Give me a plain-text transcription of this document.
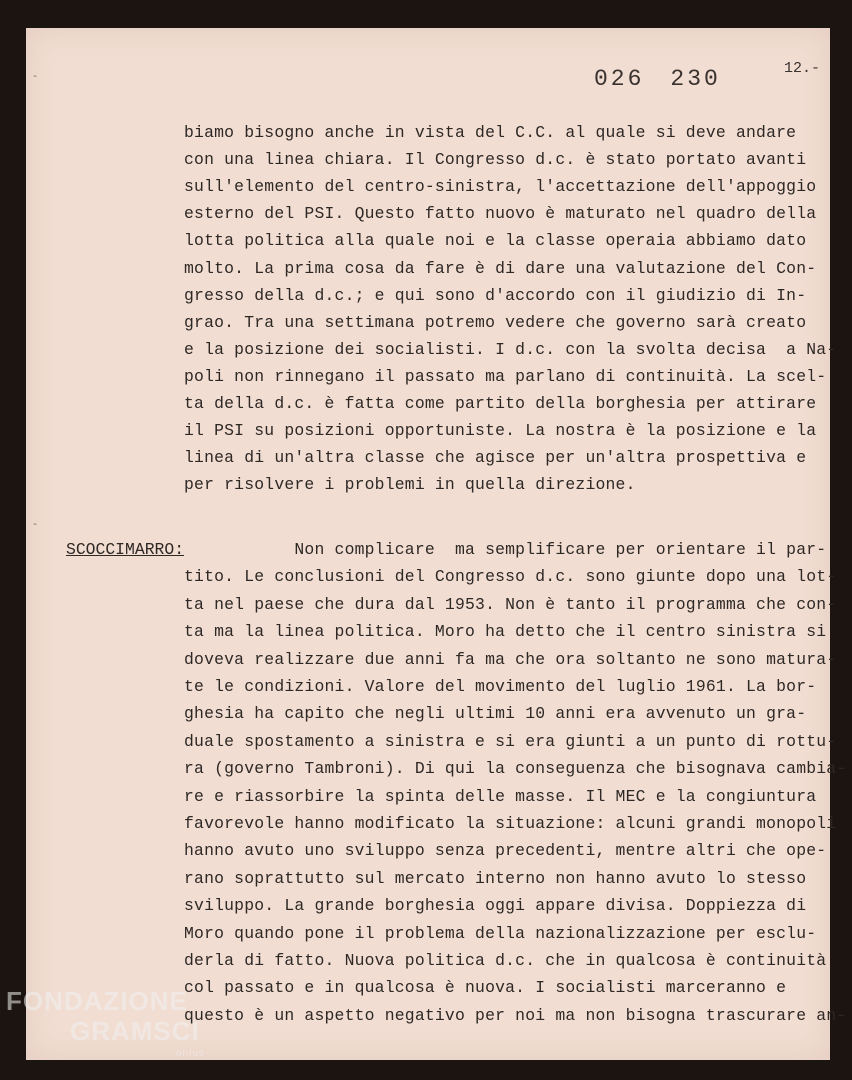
026 230	12.-
-
-
SCOCCIMARRO:
biamo bisogno anche in vista del C.C. al quale si deve andare
con una linea chiara. Il Congresso d.c. è stato portato avanti
sull'elemento del centro-sinistra, l'accettazione dell'appoggio
esterno del PSI. Questo fatto nuovo è maturato nel quadro della
lotta politica alla quale noi e la classe operaia abbiamo dato
molto. La prima cosa da fare è di dare una valutazione del Con-
gresso della d.c.; e qui sono d'accordo con il giudizio di In-
grao. Tra una settimana potremo vedere che governo sarà creato
e la posizione dei socialisti. I d.c. con la svolta decisa  a Na-
poli non rinnegano il passato ma parlano di continuità. La scel-
ta della d.c. è fatta come partito della borghesia per attirare
il PSI su posizioni opportuniste. La nostra è la posizione e la
linea di un'altra classe che agisce per un'altra prospettiva e
per risolvere i problemi in quella direzione.
Non complicare  ma semplificare per orientare il par-
tito. Le conclusioni del Congresso d.c. sono giunte dopo una lot-
ta nel paese che dura dal 1953. Non è tanto il programma che con-
ta ma la linea politica. Moro ha detto che il centro sinistra si
doveva realizzare due anni fa ma che ora soltanto ne sono matura-
te le condizioni. Valore del movimento del luglio 1961. La bor-
ghesia ha capito che negli ultimi 10 anni era avvenuto un gra-
duale spostamento a sinistra e si era giunti a un punto di rottu-
ra (governo Tambroni). Di qui la conseguenza che bisognava cambia-
re e riassorbire la spinta delle masse. Il MEC e la congiuntura
favorevole hanno modificato la situazione: alcuni grandi monopoli
hanno avuto uno sviluppo senza precedenti, mentre altri che ope-
rano soprattutto sul mercato interno non hanno avuto lo stesso
sviluppo. La grande borghesia oggi appare divisa. Doppiezza di
Moro quando pone il problema della nazionalizzazione per esclu-
derla di fatto. Nuova politica d.c. che in qualcosa è continuità
col passato e in qualcosa è nuova. I socialisti marceranno e
questo è un aspetto negativo per noi ma non bisogna trascurare an-
FONDAZIONE
GRAMSCI
onlus
